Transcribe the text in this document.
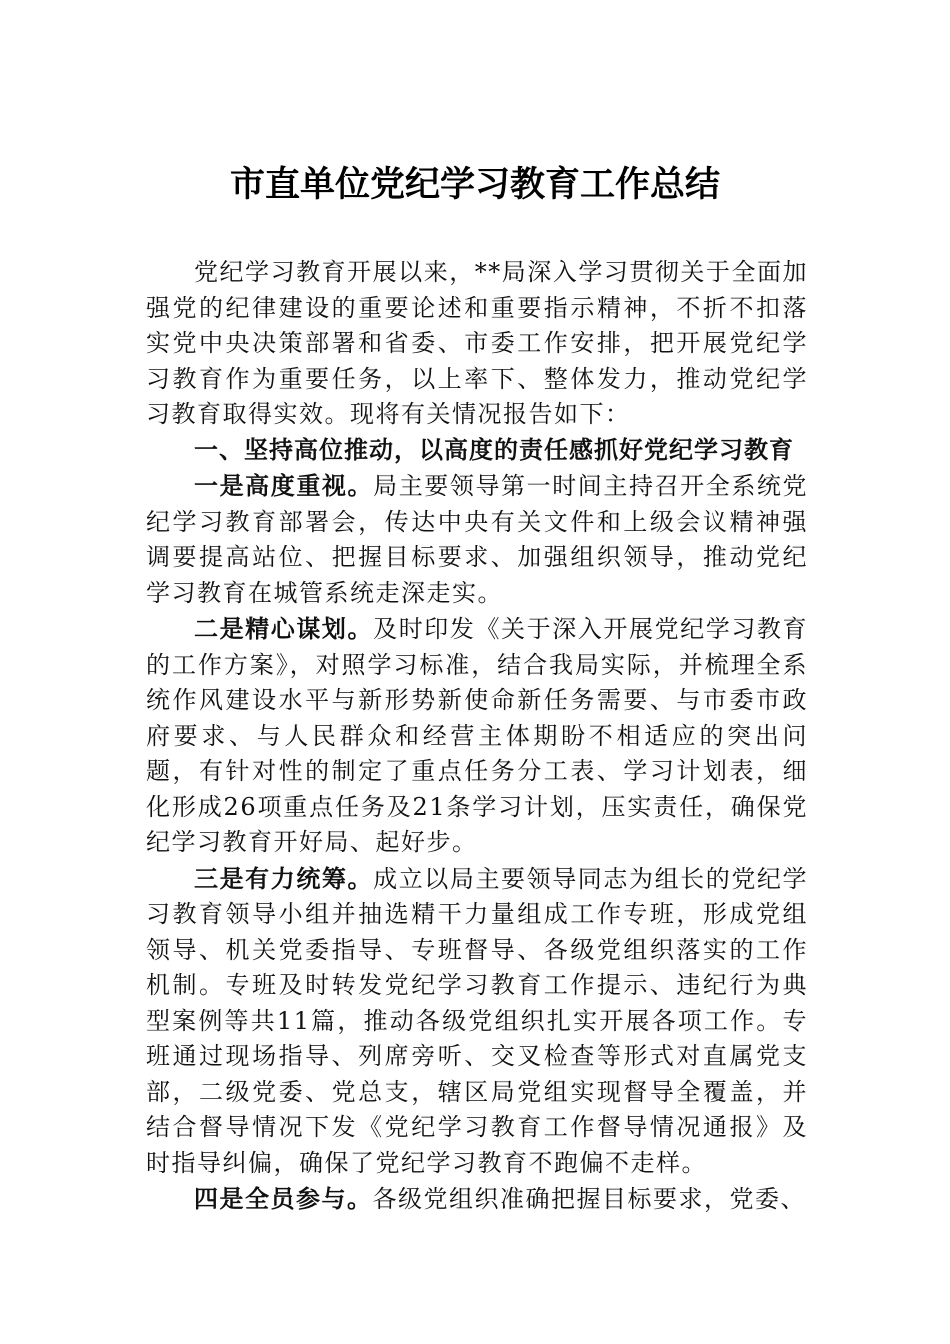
市直单位党纪学习教育工作总结

党纪学习教育开展以来，**局深入学习贯彻关于全面加强党的纪律建设的重要论述和重要指示精神，不折不扣落实党中央决策部署和省委、市委工作安排，把开展党纪学习教育作为重要任务，以上率下、整体发力，推动党纪学习教育取得实效。现将有关情况报告如下：

一、坚持高位推动，以高度的责任感抓好党纪学习教育

一是高度重视。局主要领导第一时间主持召开全系统党纪学习教育部署会，传达中央有关文件和上级会议精神强调要提高站位、把握目标要求、加强组织领导，推动党纪学习教育在城管系统走深走实。

二是精心谋划。及时印发《关于深入开展党纪学习教育的工作方案》，对照学习标准，结合我局实际，并梳理全系统作风建设水平与新形势新使命新任务需要、与市委市政府要求、与人民群众和经营主体期盼不相适应的突出问题，有针对性的制定了重点任务分工表、学习计划表，细化形成26项重点任务及21条学习计划，压实责任，确保党纪学习教育开好局、起好步。

三是有力统筹。成立以局主要领导同志为组长的党纪学习教育领导小组并抽选精干力量组成工作专班，形成党组领导、机关党委指导、专班督导、各级党组织落实的工作机制。专班及时转发党纪学习教育工作提示、违纪行为典型案例等共11篇，推动各级党组织扎实开展各项工作。专班通过现场指导、列席旁听、交叉检查等形式对直属党支部，二级党委、党总支，辖区局党组实现督导全覆盖，并结合督导情况下发《党纪学习教育工作督导情况通报》及时指导纠偏，确保了党纪学习教育不跑偏不走样。

四是全员参与。各级党组织准确把握目标要求，党委、
